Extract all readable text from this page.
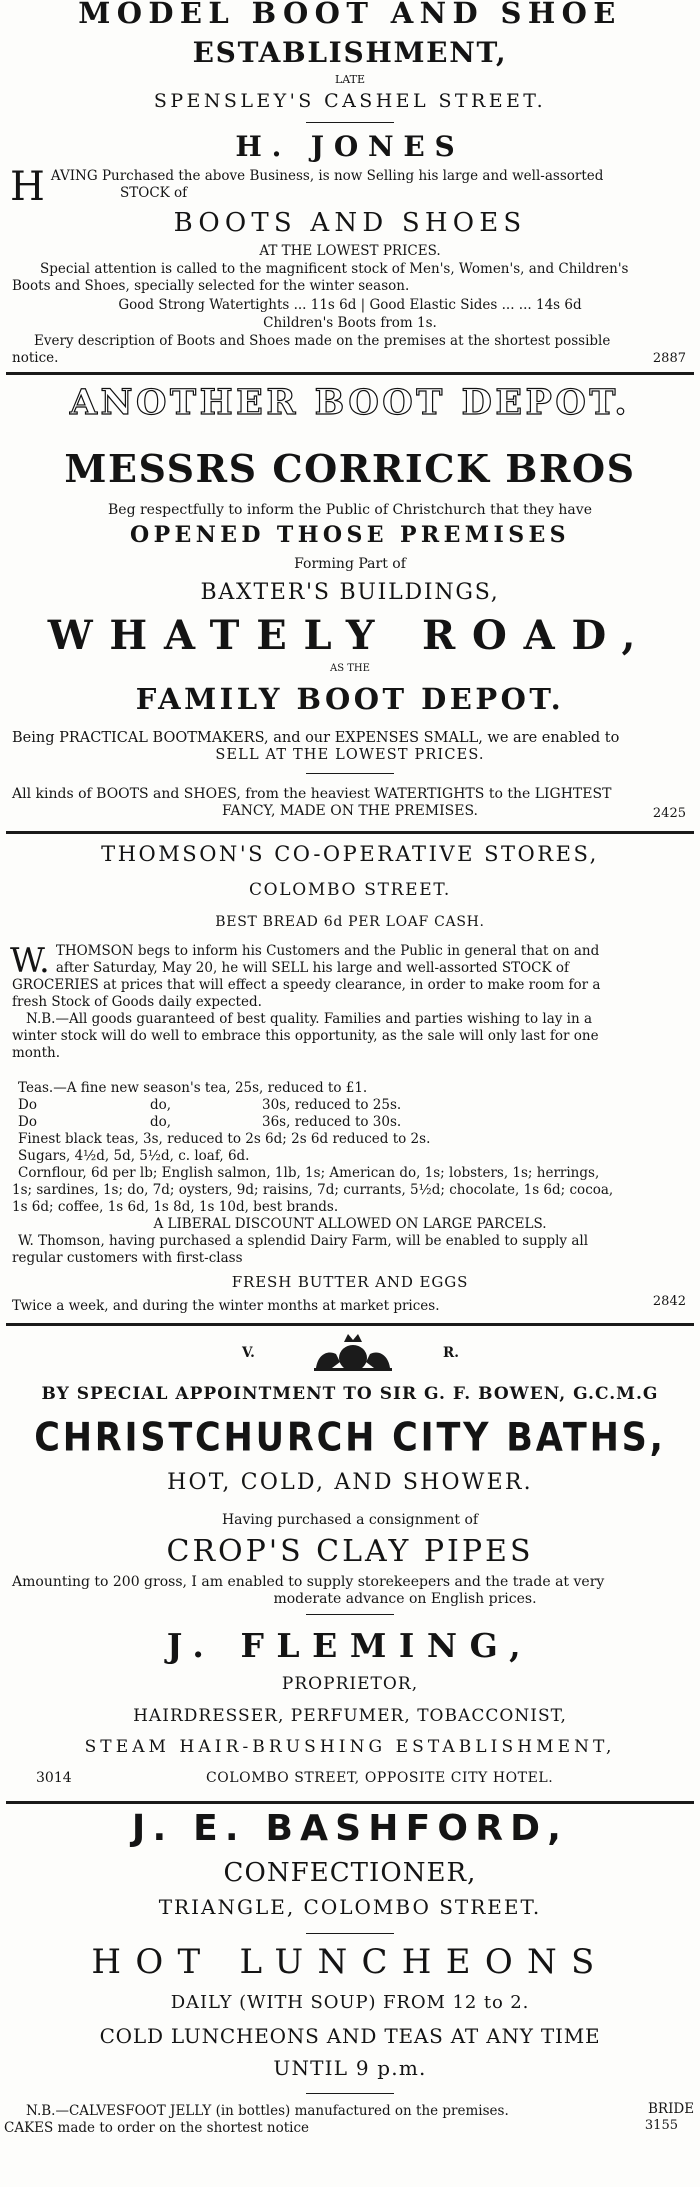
MODEL BOOT AND SHOE
ESTABLISHMENT,
LATE
SPENSLEY'S CASHEL STREET.
H. JONES
H AVING Purchased the above Business, is now Selling his large and well-assorted
STOCK of
BOOTS AND SHOES
AT THE LOWEST PRICES.
Special attention is called to the magnificent stock of Men's, Women's, and Children's
Boots and Shoes, specially selected for the winter season.
Good Strong Watertights ... 11s 6d | Good Elastic Sides ... ... 14s 6d
Children's Boots from 1s.
Every description of Boots and Shoes made on the premises at the shortest possible
notice.	2887
ANOTHER BOOT DEPOT.
MESSRS CORRICK BROS
Beg respectfully to inform the Public of Christchurch that they have
OPENED THOSE PREMISES
Forming Part of
BAXTER'S BUILDINGS,
WHATELY ROAD,
AS THE
FAMILY BOOT DEPOT.
Being PRACTICAL BOOTMAKERS, and our EXPENSES SMALL, we are enabled to
SELL AT THE LOWEST PRICES.
All kinds of BOOTS and SHOES, from the heaviest WATERTIGHTS to the LIGHTEST
FANCY, MADE ON THE PREMISES.	2425
THOMSON'S CO-OPERATIVE STORES,
COLOMBO STREET.
BEST BREAD 6d PER LOAF CASH.
W. THOMSON begs to inform his Customers and the Public in general that on and
after Saturday, May 20, he will SELL his large and well-assorted STOCK of
GROCERIES at prices that will effect a speedy clearance, in order to make room for a
fresh Stock of Goods daily expected.
N.B.—All goods guaranteed of best quality. Families and parties wishing to lay in a
winter stock will do well to embrace this opportunity, as the sale will only last for one
month.
Teas.—A fine new season's tea, 25s, reduced to £1.
Do	do,	30s, reduced to 25s.
Do	do,	36s, reduced to 30s.
Finest black teas, 3s, reduced to 2s 6d; 2s 6d reduced to 2s.
Sugars, 4½d, 5d, 5½d, c. loaf, 6d.
Cornflour, 6d per lb; English salmon, 1lb, 1s; American do, 1s; lobsters, 1s; herrings,
1s; sardines, 1s; do, 7d; oysters, 9d; raisins, 7d; currants, 5½d; chocolate, 1s 6d; cocoa,
1s 6d; coffee, 1s 6d, 1s 8d, 1s 10d, best brands.
A LIBERAL DISCOUNT ALLOWED ON LARGE PARCELS.
W. Thomson, having purchased a splendid Dairy Farm, will be enabled to supply all
regular customers with first-class
FRESH BUTTER AND EGGS
Twice a week, and during the winter months at market prices.	2842
V.	R.
BY SPECIAL APPOINTMENT TO SIR G. F. BOWEN, G.C.M.G
CHRISTCHURCH CITY BATHS,
HOT, COLD, AND SHOWER.
Having purchased a consignment of
CROP'S CLAY PIPES
Amounting to 200 gross, I am enabled to supply storekeepers and the trade at very
moderate advance on English prices.
J. FLEMING,
PROPRIETOR,
HAIRDRESSER, PERFUMER, TOBACCONIST,
STEAM HAIR-BRUSHING ESTABLISHMENT,
3014	COLOMBO STREET, OPPOSITE CITY HOTEL.
J. E. BASHFORD,
CONFECTIONER,
TRIANGLE, COLOMBO STREET.
HOT LUNCHEONS
DAILY (WITH SOUP) FROM 12 to 2.
COLD LUNCHEONS AND TEAS AT ANY TIME
UNTIL 9 p.m.
N.B.—CALVESFOOT JELLY (in bottles) manufactured on the premises.	BRIDE
CAKES made to order on the shortest notice	3155
